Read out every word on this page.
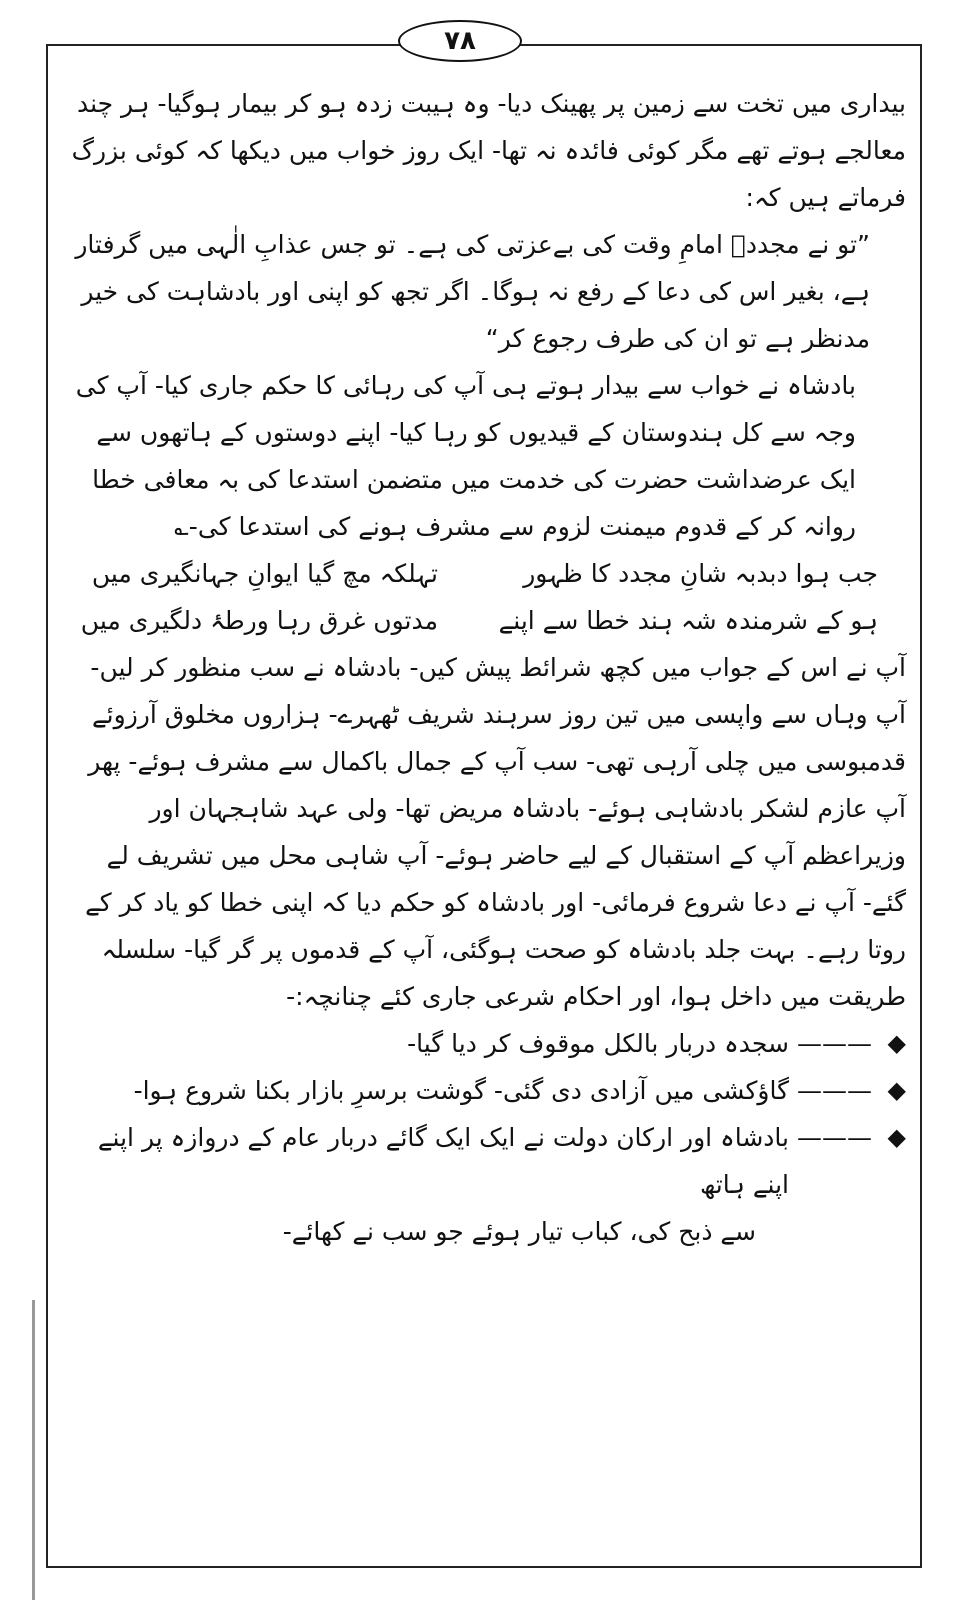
۷۸

بیداری میں تخت سے زمین پر پھینک دیا- وہ ہیبت زدہ ہو کر بیمار ہوگیا- ہر چند معالجے ہوتے تھے مگر کوئی فائدہ نہ تھا- ایک روز خواب میں دیکھا کہ کوئی بزرگ فرماتے ہیں کہ:

”تو نے مجددؒ امامِ وقت کی بےعزتی کی ہے۔ تو جس عذابِ الٰہی میں گرفتار ہے، بغیر اس کی دعا کے رفع نہ ہوگا۔ اگر تجھ کو اپنی اور بادشاہت کی خیر مدنظر ہے تو ان کی طرف رجوع کر“

بادشاہ نے خواب سے بیدار ہوتے ہی آپ کی رہائی کا حکم جاری کیا- آپ کی وجہ سے کل ہندوستان کے قیدیوں کو رہا کیا- اپنے دوستوں کے ہاتھوں سے ایک عرضداشت حضرت کی خدمت میں متضمن استدعا کی بہ معافی خطا روانہ کر کے قدوم میمنت لزوم سے مشرف ہونے کی استدعا کی-؎

جب ہوا دبدبہ شانِ مجدد کا ظہور
تہلکہ مچ گیا ایوانِ جہانگیری میں
ہو کے شرمندہ شہ ہند خطا سے اپنے
مدتوں غرق رہا ورطۂ دلگیری میں

آپ نے اس کے جواب میں کچھ شرائط پیش کیں- بادشاہ نے سب منظور کر لیں- آپ وہاں سے واپسی میں تین روز سرہند شریف ٹھہرے- ہزاروں مخلوق آرزوئے قدمبوسی میں چلی آرہی تھی- سب آپ کے جمال باکمال سے مشرف ہوئے- پھر آپ عازم لشکر بادشاہی ہوئے- بادشاہ مریض تھا- ولی عہد شاہجہان اور وزیراعظم آپ کے استقبال کے لیے حاضر ہوئے- آپ شاہی محل میں تشریف لے گئے- آپ نے دعا شروع فرمائی- اور بادشاہ کو حکم دیا کہ اپنی خطا کو یاد کر کے روتا رہے۔ بہت جلد بادشاہ کو صحت ہوگئی، آپ کے قدموں پر گر گیا- سلسلہ طریقت میں داخل ہوا، اور احکام شرعی جاری کئے چنانچہ:-

◆
———
سجدہ دربار بالکل موقوف کر دیا گیا-
◆
———
گاؤکشی میں آزادی دی گئی- گوشت برسرِ بازار بکنا شروع ہوا-
◆
———
بادشاہ اور ارکان دولت نے ایک ایک گائے دربار عام کے دروازہ پر اپنے اپنے ہاتھ

سے ذبح کی، کباب تیار ہوئے جو سب نے کھائے-
